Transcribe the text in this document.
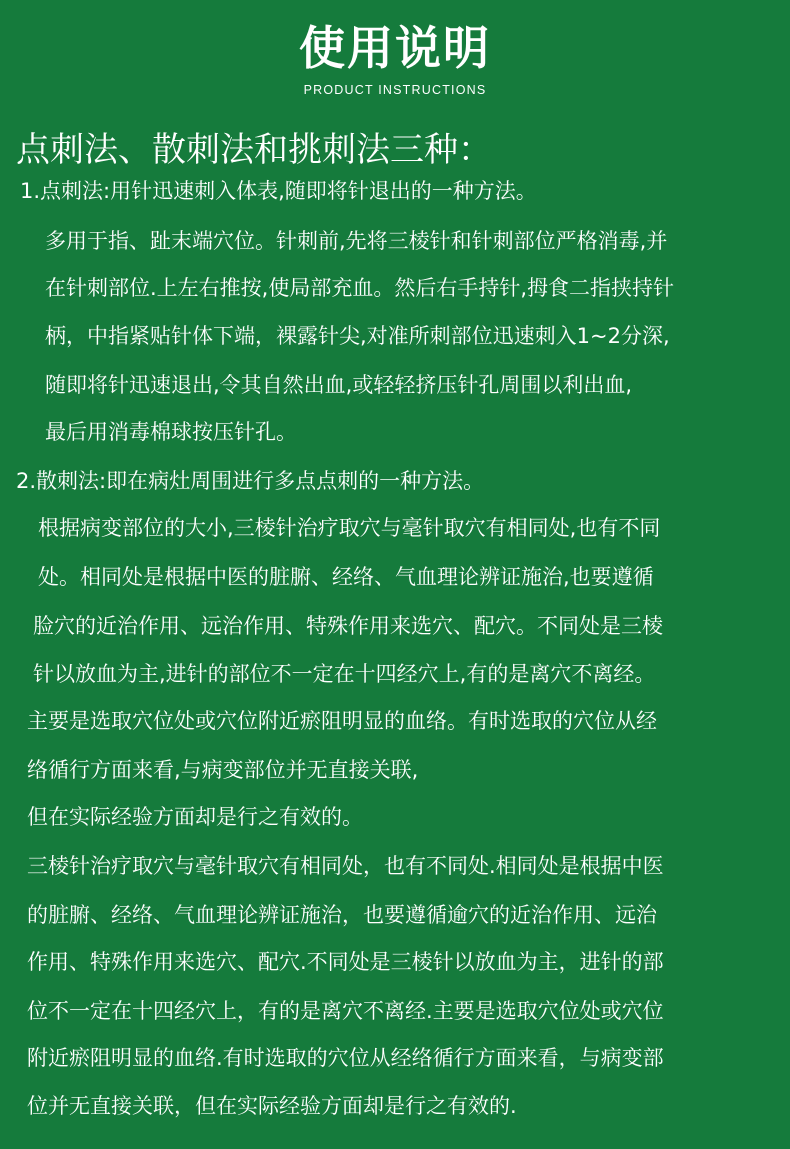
使用说明
PRODUCT INSTRUCTIONS
点刺法、散刺法和挑刺法三种：
1.点刺法:用针迅速刺入体表,随即将针退出的一种方法。
多用于指、趾末端穴位。针刺前,先将三棱针和针刺部位严格消毒,并
在针刺部位.上左右推按,使局部充血。然后右手持针,拇食二指挟持针
柄，中指紧贴针体下端，裸露针尖,对准所刺部位迅速刺入1~2分深,
随即将针迅速退出,令其自然出血,或轻轻挤压针孔周围以利出血,
最后用消毒棉球按压针孔。
2.散刺法:即在病灶周围进行多点点刺的一种方法。
根据病变部位的大小,三棱针治疗取穴与毫针取穴有相同处,也有不同
处。相同处是根据中医的脏腑、经络、气血理论辨证施治,也要遵循
脸穴的近治作用、远治作用、特殊作用来选穴、配穴。不同处是三棱
针以放血为主,进针的部位不一定在十四经穴上,有的是离穴不离经。
主要是选取穴位处或穴位附近瘀阻明显的血络。有时选取的穴位从经
络循行方面来看,与病变部位并无直接关联,
但在实际经验方面却是行之有效的。
三棱针治疗取穴与毫针取穴有相同处，也有不同处.相同处是根据中医
的脏腑、经络、气血理论辨证施治，也要遵循逾穴的近治作用、远治
作用、特殊作用来选穴、配穴.不同处是三棱针以放血为主，进针的部
位不一定在十四经穴上，有的是离穴不离经.主要是选取穴位处或穴位
附近瘀阻明显的血络.有时选取的穴位从经络循行方面来看，与病变部
位并无直接关联，但在实际经验方面却是行之有效的.
